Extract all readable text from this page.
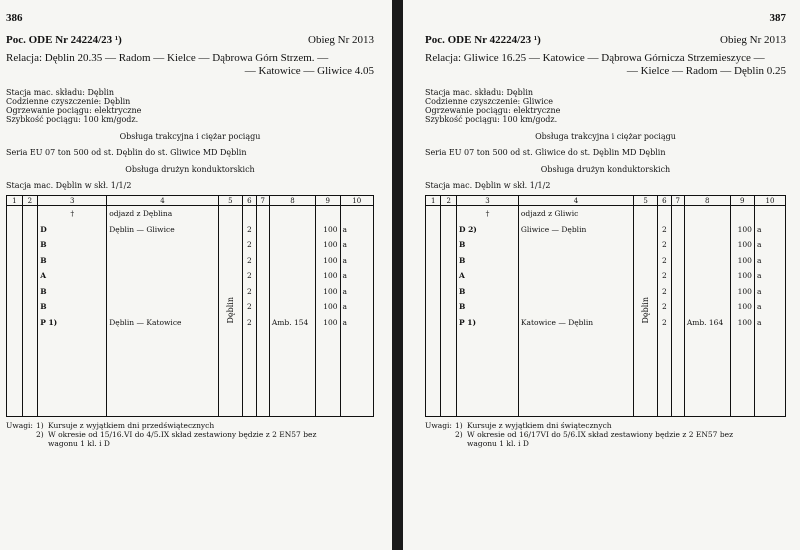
386
Poc. ODE Nr 24224/23 ¹)	Obieg Nr 2013
Relacja: Dęblin 20.35 — Radom — Kielce — Dąbrowa Górn Strzem. —
— Katowice — Gliwice 4.05
Stacja mac. składu: Dęblin
Codzienne czyszczenie: Dęblin
Ogrzewanie pociągu: elektryczne
Szybkość pociągu: 100 km/godz.
Obsługa trakcyjna i ciężar pociągu
Seria EU 07 ton 500 od st. Dęblin do st. Gliwice MD Dęblin
Obsługa drużyn konduktorskich
Stacja mac. Dęblin w skł. 1/1/2
1	2	3	4	5	6	7	8	9	10
		†	odjazd z Dęblina	Dęblin					
		D	Dęblin — Gliwice		2			100	a
		B			2			100	a
		B			2			100	a
		A			2			100	a
		B			2			100	a
		B			2			100	a
		P 1)	Dęblin — Katowice		2		Amb. 154	100	a

Uwagi: 1) Kursuje z wyjątkiem dni przedświątecznych
2) W okresie od 15/16.VI do 4/5.IX skład zestawiony będzie z 2 EN57 bez
wagonu 1 kl. i D
387
Poc. ODE Nr 42224/23 ¹)	Obieg Nr 2013
Relacja: Gliwice 16.25 — Katowice — Dąbrowa Górnicza Strzemieszyce —
— Kielce — Radom — Dęblin 0.25
Stacja mac. składu: Dęblin
Codzienne czyszczenie: Gliwice
Ogrzewanie pociągu: elektryczne
Szybkość pociągu: 100 km/godz.
Obsługa trakcyjna i ciężar pociągu
Seria EU 07 ton 500 od st. Gliwice do st. Dęblin MD Dęblin
Obsługa drużyn konduktorskich
Stacja mac. Dęblin w skł. 1/1/2
1	2	3	4	5	6	7	8	9	10
		†	odjazd z Gliwic	Dęblin					
		D 2)	Gliwice — Dęblin		2			100	a
		B			2			100	a
		B			2			100	a
		A			2			100	a
		B			2			100	a
		B			2			100	a
		P 1)	Katowice — Dęblin		2		Amb. 164	100	a

Uwagi: 1) Kursuje z wyjątkiem dni świątecznych
2) W okresie od 16/17VI do 5/6.IX skład zestawiony będzie z 2 EN57 bez
wagonu 1 kl. i D
